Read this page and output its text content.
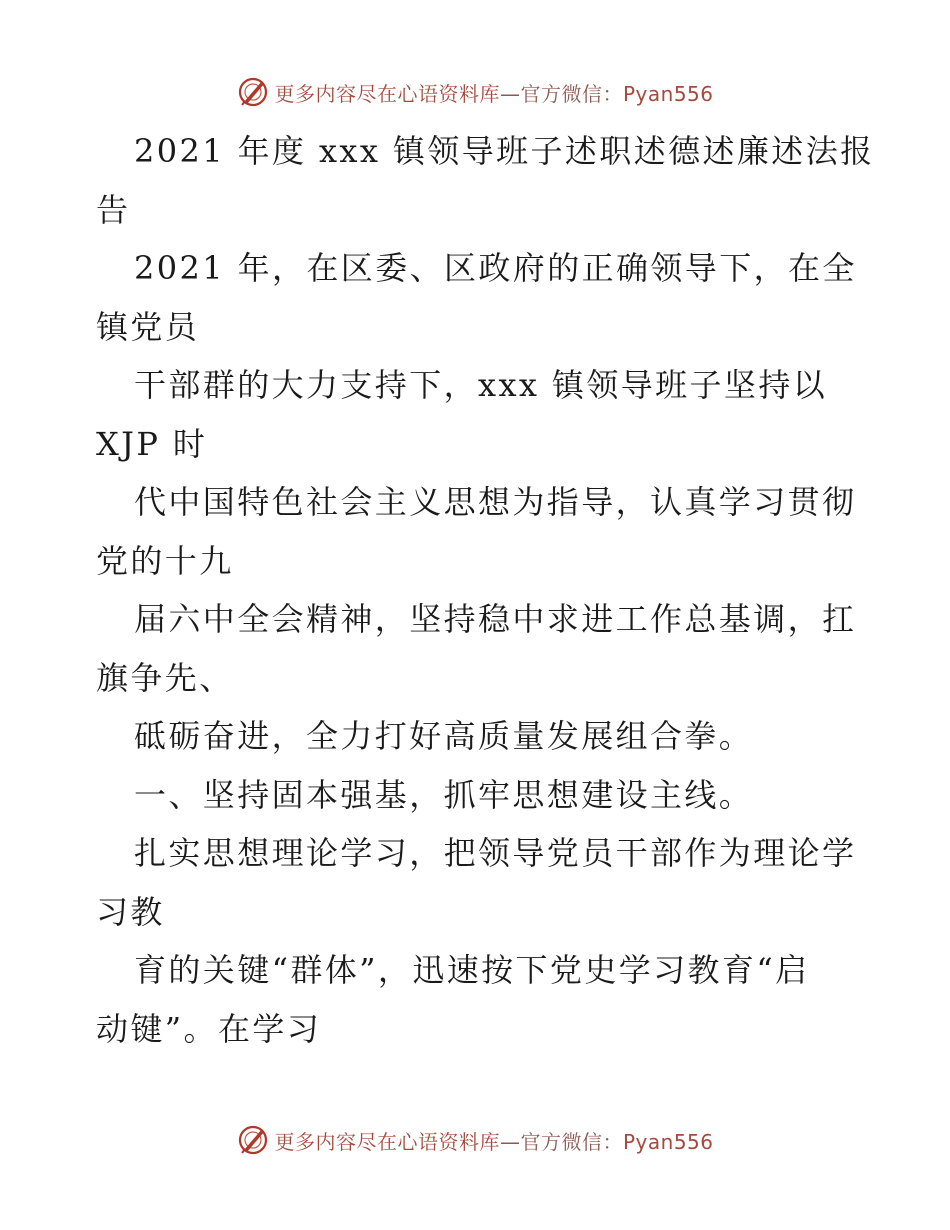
更多内容尽在心语资料库—官方微信：Pyan556

2021 年度 xxx 镇领导班子述职述德述廉述法报

告

2021 年，在区委、区政府的正确领导下，在全

镇党员

干部群的大力支持下，xxx 镇领导班子坚持以

XJP 时

代中国特色社会主义思想为指导，认真学习贯彻

党的十九

届六中全会精神，坚持稳中求进工作总基调，扛

旗争先、

砥砺奋进，全力打好高质量发展组合拳。

一、坚持固本强基，抓牢思想建设主线。

扎实思想理论学习，把领导党员干部作为理论学

习教

育的关键“群体”，迅速按下党史学习教育“启

动键”。在学习

更多内容尽在心语资料库—官方微信：Pyan556
